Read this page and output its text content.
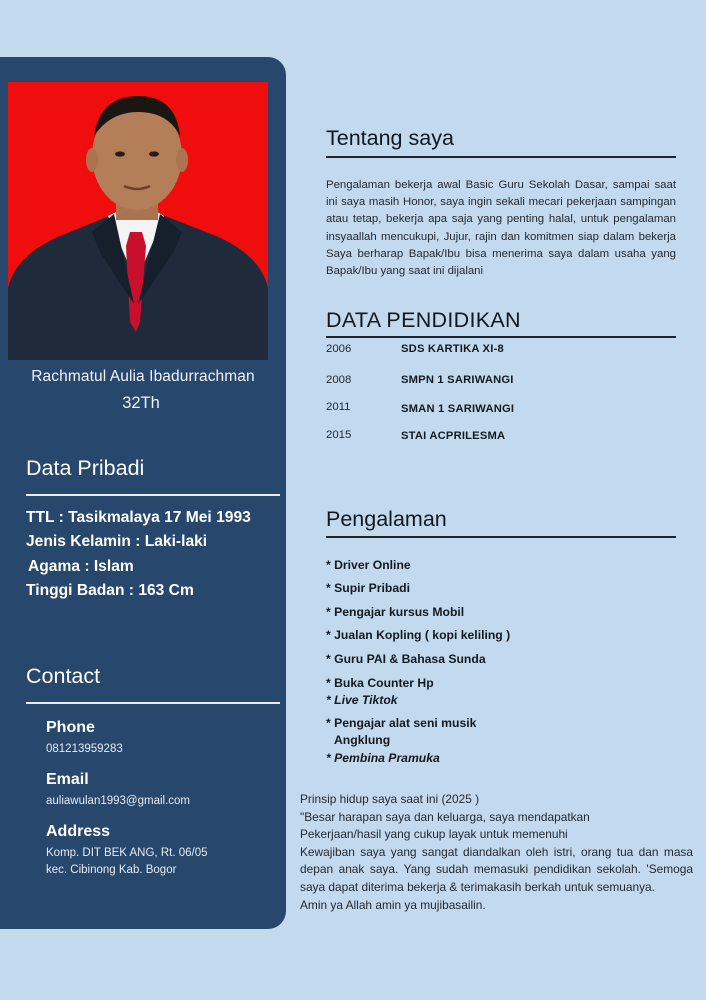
Rachmatul Aulia Ibadurrachman
32Th
Data Pribadi
TTL : Tasikmalaya 17 Mei 1993
Jenis Kelamin : Laki-laki
Agama : Islam
Tinggi Badan : 163 Cm
Contact
Phone
081213959283
Email
auliawulan1993@gmail.com
Address
Komp. DIT BEK ANG, Rt. 06/05
kec. Cibinong Kab. Bogor
Tentang saya
Pengalaman bekerja awal Basic Guru Sekolah Dasar, sampai saat ini saya masih Honor, saya ingin sekali mecari pekerjaan sampingan atau tetap, bekerja apa saja yang penting halal, untuk pengalaman insyaallah mencukupi, Jujur, rajin dan komitmen siap dalam bekerja Saya berharap Bapak/Ibu bisa menerima saya dalam usaha yang Bapak/Ibu yang saat ini dijalani
DATA PENDIDIKAN
2006	SDS KARTIKA XI-8
2008	SMPN 1 SARIWANGI
2011	SMAN 1 SARIWANGI
2015	STAI ACPRILESMA
Pengalaman
* Driver Online
* Supir Pribadi
* Pengajar kursus Mobil
* Jualan Kopling ( kopi keliling )
* Guru PAI & Bahasa Sunda
* Buka Counter Hp
* Live Tiktok
* Pengajar alat seni musik
Angklung
* Pembina Pramuka
Prinsip hidup saya saat ini (2025 )
"Besar harapan saya dan keluarga, saya mendapatkan
Pekerjaan/hasil yang cukup layak untuk memenuhi
Kewajiban saya yang sangat diandalkan oleh istri, orang tua dan masa depan anak saya. Yang sudah memasuki pendidikan sekolah. 'Semoga saya dapat diterima bekerja & terimakasih berkah untuk semuanya.
Amin ya Allah amin ya mujibasailin.
